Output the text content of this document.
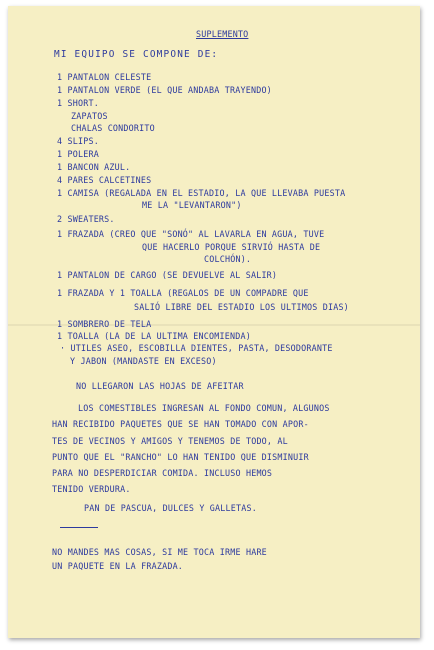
SUPLEMENTO
MI EQUIPO SE COMPONE DE:
1 PANTALON CELESTE
1 PANTALON VERDE (EL QUE ANDABA TRAYENDO)
1 SHORT.
ZAPATOS
CHALAS CONDORITO
4 SLIPS.
1 POLERA
1 BANCON AZUL.
4 PARES CALCETINES
1 CAMISA (REGALADA EN EL ESTADIO, LA QUE LLEVABA PUESTA
ME LA "LEVANTARON")
2 SWEATERS.
1 FRAZADA (CREO QUE "SONÓ" AL LAVARLA EN AGUA, TUVE
QUE HACERLO PORQUE SIRVIÓ HASTA DE
COLCHÓN).
1 PANTALON DE CARGO (SE DEVUELVE AL SALIR)
1 FRAZADA Y 1 TOALLA (REGALOS DE UN COMPADRE QUE
SALIÓ LIBRE DEL ESTADIO LOS ULTIMOS DIAS)
1 SOMBRERO DE TELA
1 TOALLA (LA DE LA ULTIMA ENCOMIENDA)
· UTILES ASEO, ESCOBILLA DIENTES, PASTA, DESODORANTE
Y JABON (MANDASTE EN EXCESO)
NO LLEGARON LAS HOJAS DE AFEITAR
LOS COMESTIBLES INGRESAN AL FONDO COMUN, ALGUNOS
HAN RECIBIDO PAQUETES QUE SE HAN TOMADO CON APOR-
TES DE VECINOS Y AMIGOS Y TENEMOS DE TODO, AL
PUNTO QUE EL "RANCHO" LO HAN TENIDO QUE DISMINUIR
PARA NO DESPERDICIAR COMIDA. INCLUSO HEMOS
TENIDO VERDURA.
PAN DE PASCUA, DULCES Y GALLETAS.
NO MANDES MAS COSAS, SI ME TOCA IRME HARE
UN PAQUETE EN LA FRAZADA.
